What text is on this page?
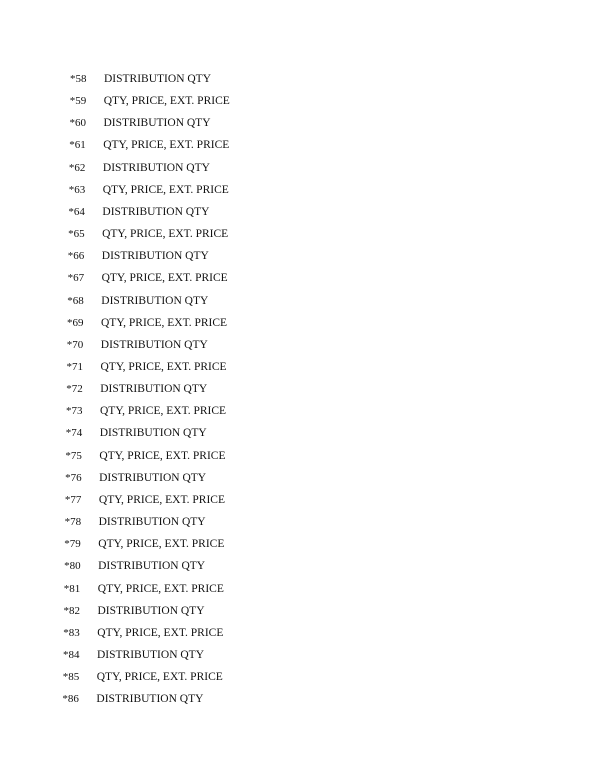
*58 DISTRIBUTION QTY
*59 QTY, PRICE, EXT. PRICE
*60 DISTRIBUTION QTY
*61 QTY, PRICE, EXT. PRICE
*62 DISTRIBUTION QTY
*63 QTY, PRICE, EXT. PRICE
*64 DISTRIBUTION QTY
*65 QTY, PRICE, EXT. PRICE
*66 DISTRIBUTION QTY
*67 QTY, PRICE, EXT. PRICE
*68 DISTRIBUTION QTY
*69 QTY, PRICE, EXT. PRICE
*70 DISTRIBUTION QTY
*71 QTY, PRICE, EXT. PRICE
*72 DISTRIBUTION QTY
*73 QTY, PRICE, EXT. PRICE
*74 DISTRIBUTION QTY
*75 QTY, PRICE, EXT. PRICE
*76 DISTRIBUTION QTY
*77 QTY, PRICE, EXT. PRICE
*78 DISTRIBUTION QTY
*79 QTY, PRICE, EXT. PRICE
*80 DISTRIBUTION QTY
*81 QTY, PRICE, EXT. PRICE
*82 DISTRIBUTION QTY
*83 QTY, PRICE, EXT. PRICE
*84 DISTRIBUTION QTY
*85 QTY, PRICE, EXT. PRICE
*86 DISTRIBUTION QTY
